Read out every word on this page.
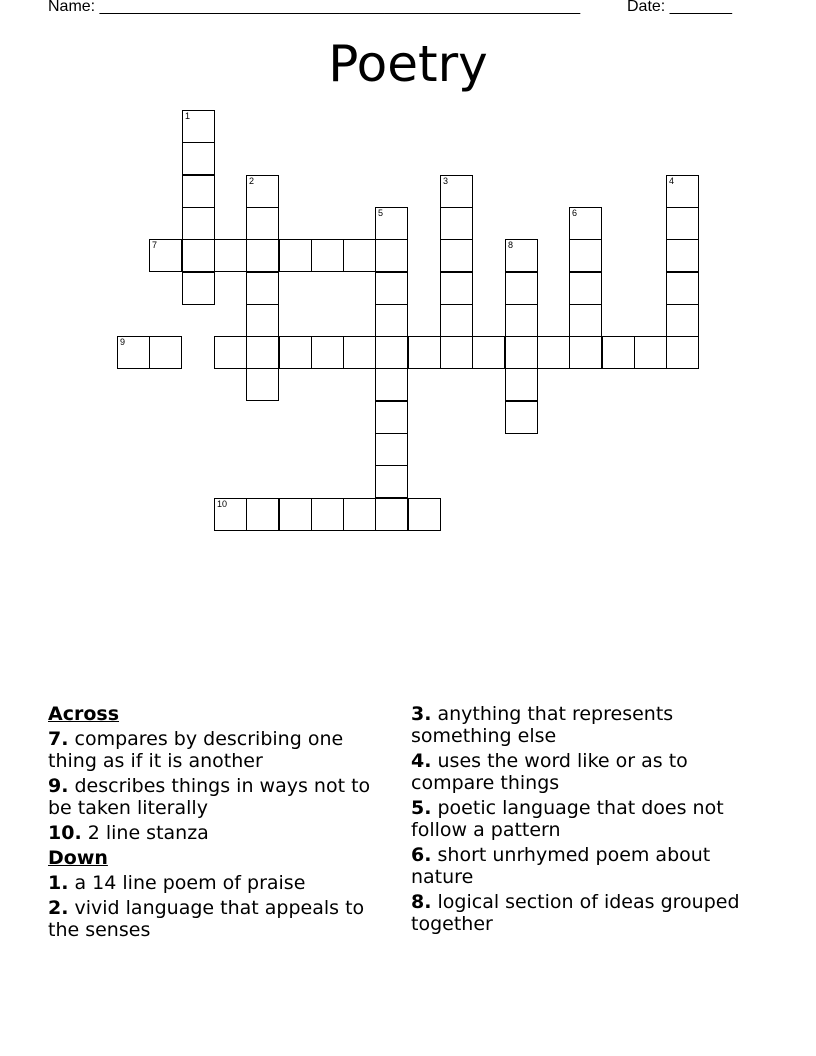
Name: ______________________________________________________	Date: _______
Poetry
1
2	3	4
5	6
7	8
9
10
Across
7. compares by describing one thing as if it is another
9. describes things in ways not to be taken literally
10. 2 line stanza
Down
1. a 14 line poem of praise
2. vivid language that appeals to the senses
3. anything that represents something else
4. uses the word like or as to compare things
5. poetic language that does not follow a pattern
6. short unrhymed poem about nature
8. logical section of ideas grouped together
